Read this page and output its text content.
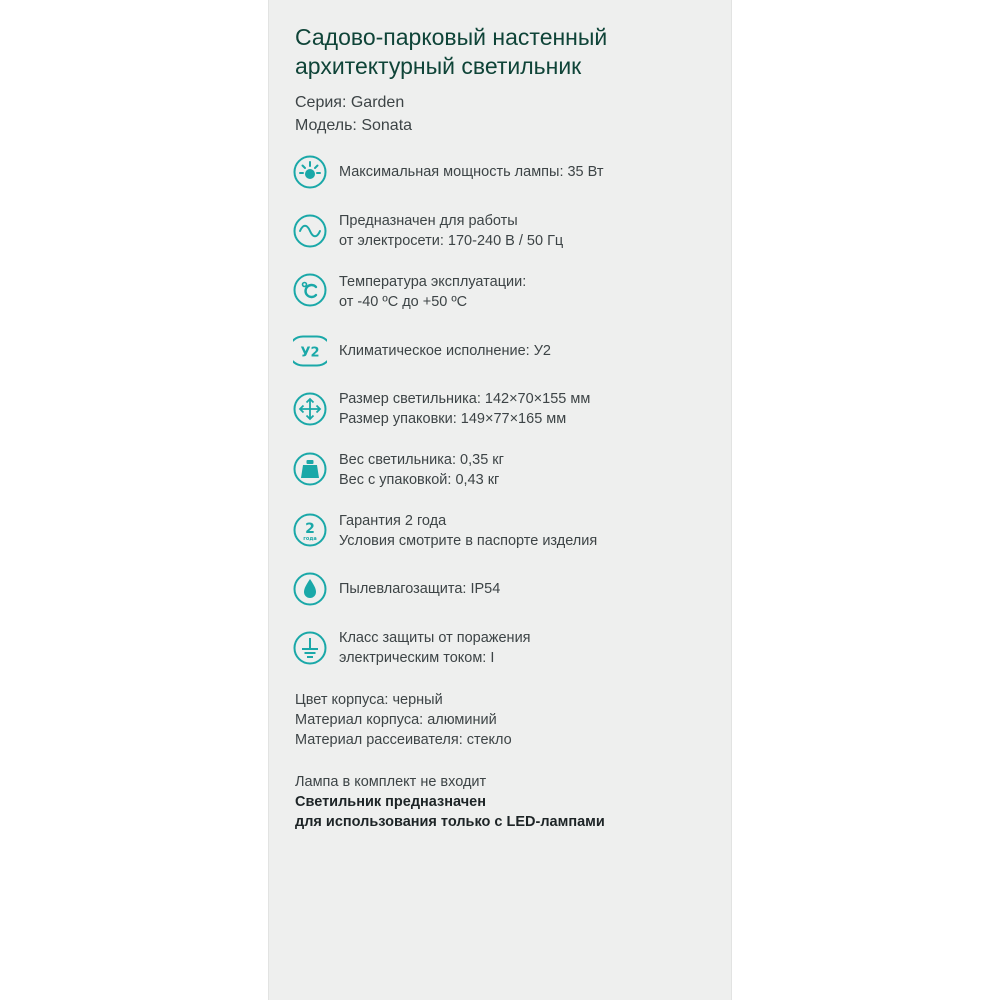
Садово-парковый настенный
архитектурный светильник
Серия: Garden
Модель: Sonata
Максимальная мощность лампы: 35 Вт
Предназначен для работы
от электросети: 170-240 В / 50 Гц
Температура эксплуатации:
от -40 ºС до +50 ºС
У2 Климатическое исполнение: У2
Размер светильника: 142×70×155 мм
Размер упаковки: 149×77×165 мм
Вес светильника: 0,35 кг
Вес с упаковкой: 0,43 кг
2
года
Гарантия 2 года
Условия смотрите в паспорте изделия
Пылевлагозащита: IP54
Класс защиты от поражения
электрическим током: I
Цвет корпуса: черный
Материал корпуса: алюминий
Материал рассеивателя: стекло
Лампа в комплект не входит
Светильник предназначен
для использования только с LED-лампами
